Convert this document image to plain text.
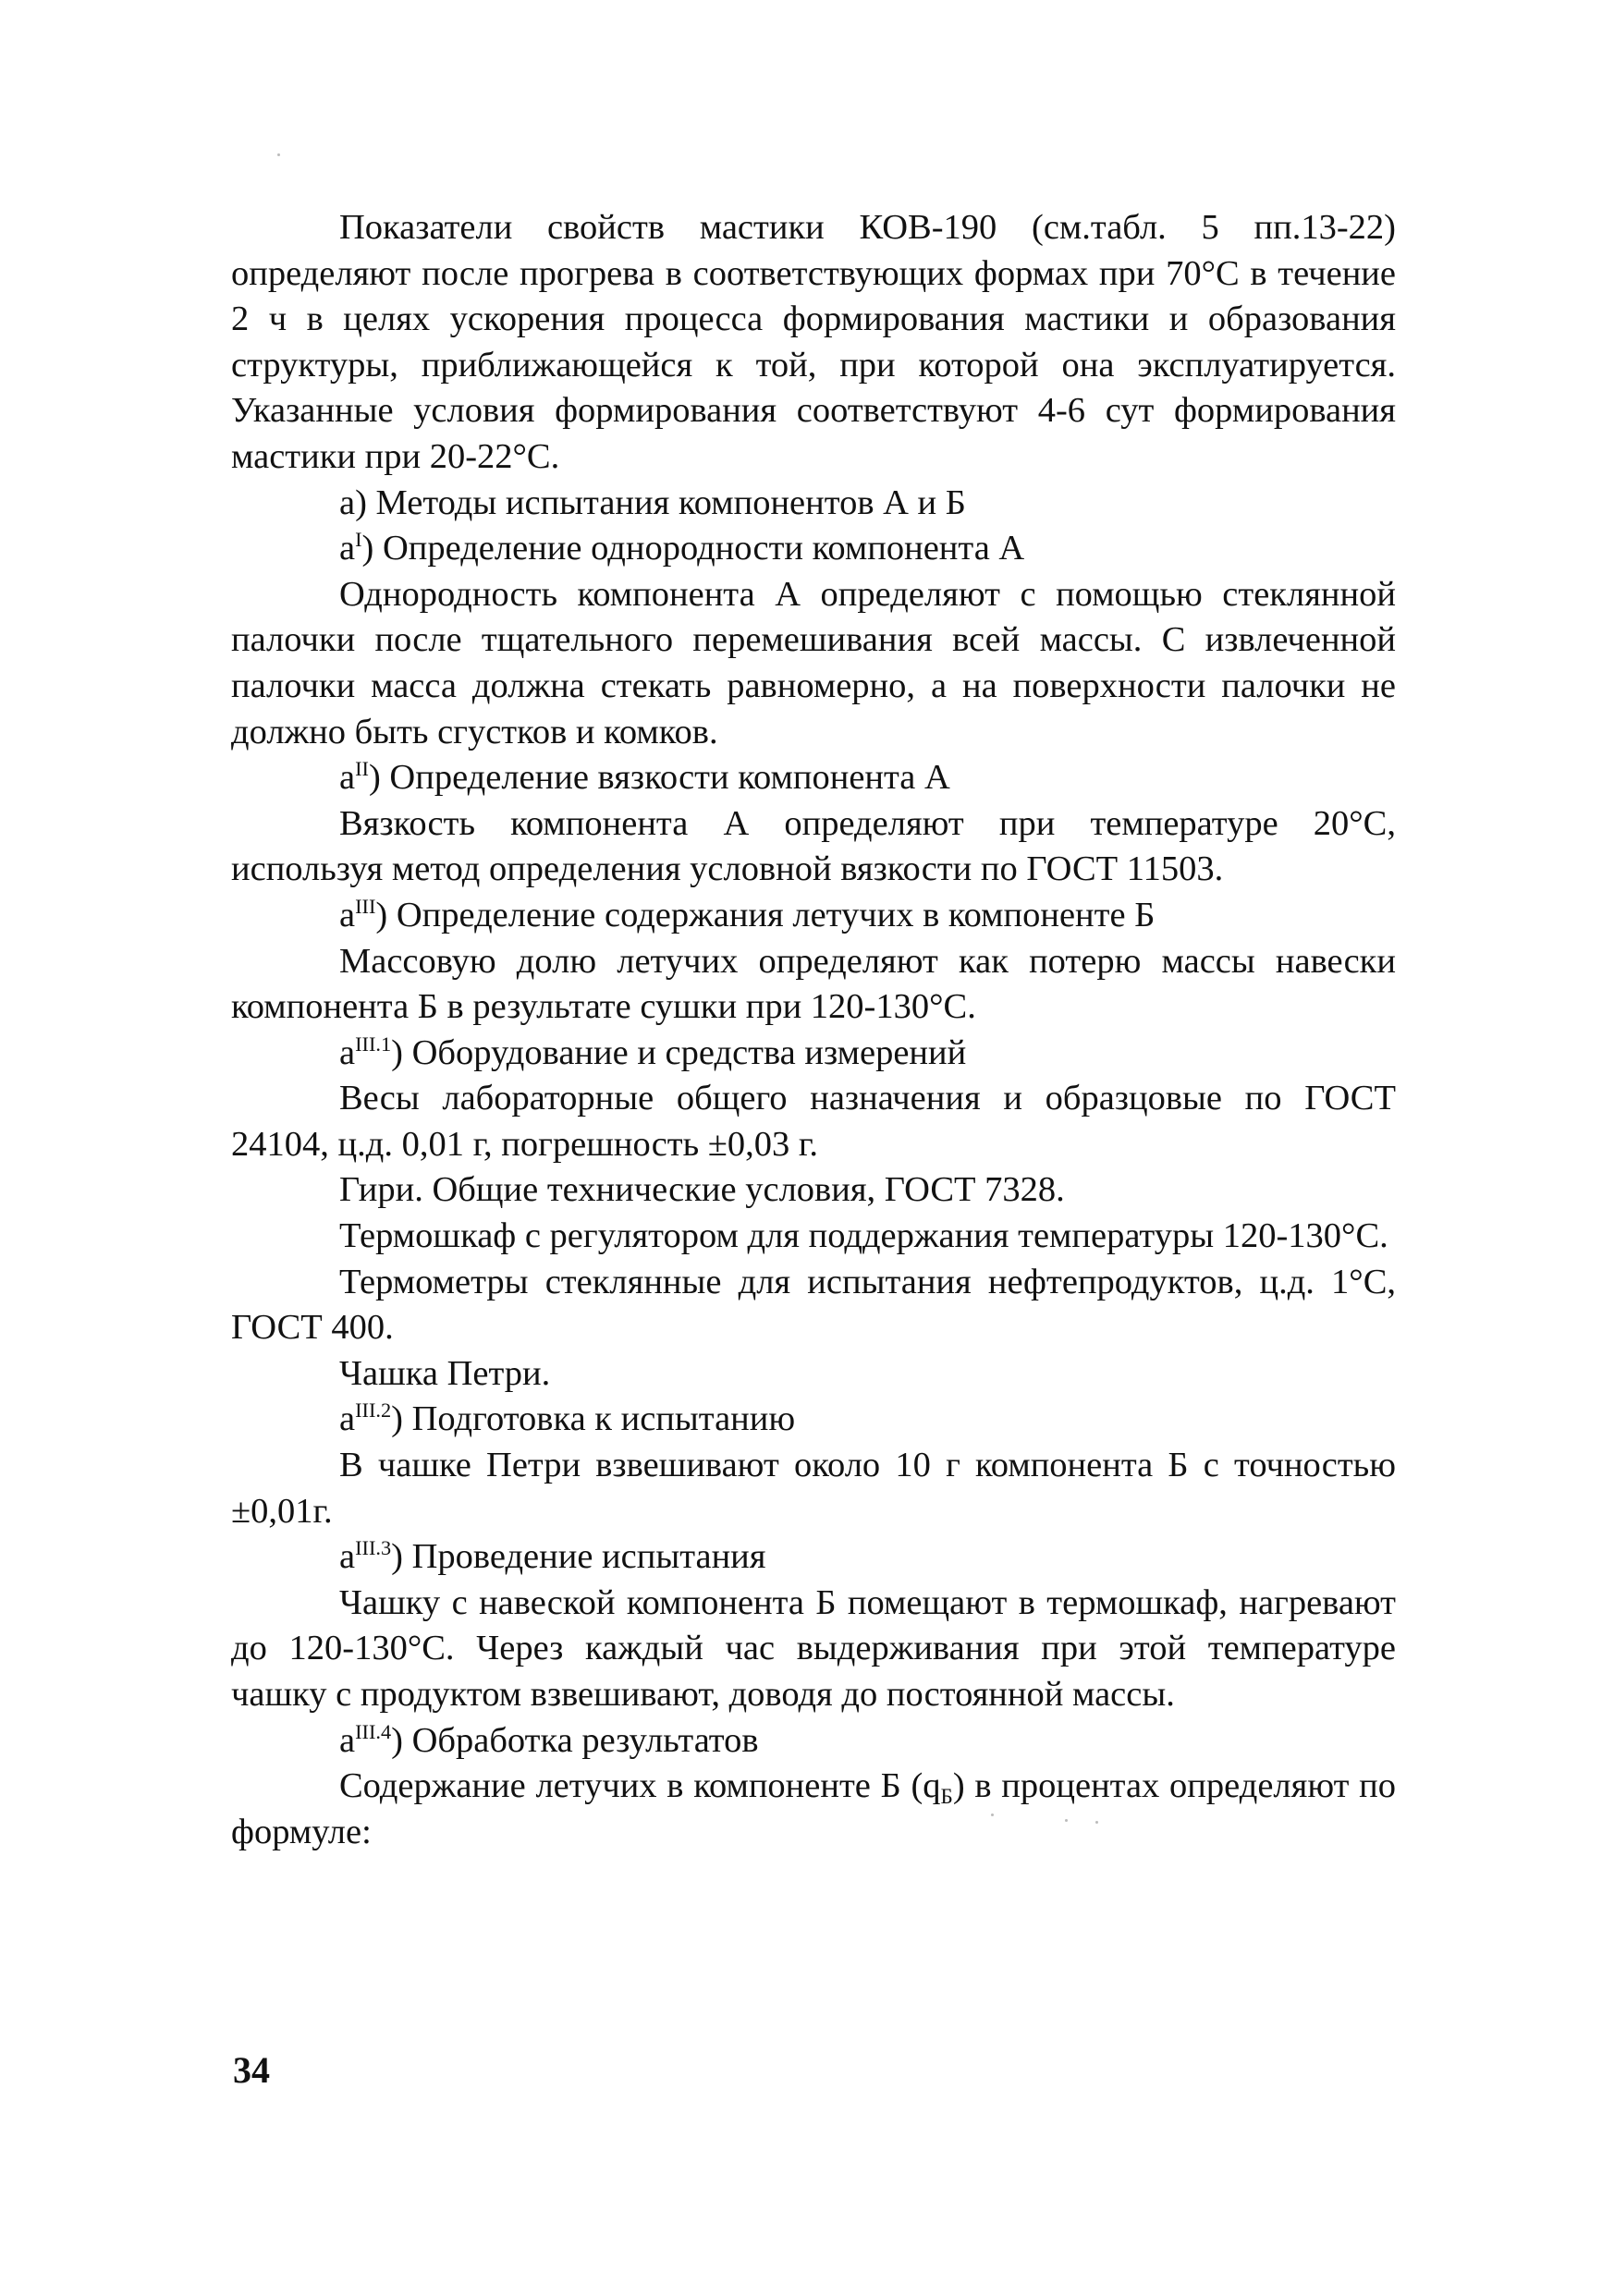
Показатели свойств мастики КОВ-190 (см.табл. 5 пп.13-22) определяют после прогрева в соответствующих формах при 70°С в течение 2 ч в целях ускорения процесса формирования мастики и образования структуры, приближающейся к той, при которой она эксплуатируется. Указанные условия формирования соответствуют 4-6 сут формирования мастики при 20-22°С.

а) Методы испытания компонентов А и Б

$а^I$) Определение однородности компонента А

Однородность компонента А определяют с помощью стеклянной палочки после тщательного перемешивания всей массы. С извлеченной палочки масса должна стекать равномерно, а на поверхности палочки не должно быть сгустков и комков.

$а^{II}$) Определение вязкости компонента А

Вязкость компонента А определяют при температуре 20°С, используя метод определения условной вязкости по ГОСТ 11503.

$а^{III}$) Определение содержания летучих в компоненте Б

Массовую долю летучих определяют как потерю массы навески компонента Б в результате сушки при 120-130°С.

$а^{III.1}$) Оборудование и средства измерений

Весы лабораторные общего назначения и образцовые по ГОСТ 24104, ц.д. 0,01 г, погрешность ±0,03 г.

Гири. Общие технические условия, ГОСТ 7328.

Термошкаф с регулятором для поддержания температуры 120-130°С.

Термометры стеклянные для испытания нефтепродуктов, ц.д. 1°С, ГОСТ 400.

Чашка Петри.

$а^{III.2}$) Подготовка к испытанию

В чашке Петри взвешивают около 10 г компонента Б с точностью ±0,01г.

$а^{III.3}$) Проведение испытания

Чашку с навеской компонента Б помещают в термошкаф, нагревают до 120-130°С. Через каждый час выдерживания при этой температуре чашку с продуктом взвешивают, доводя до постоянной массы.

$а^{III.4}$) Обработка результатов

Содержание летучих в компоненте Б $(q_Б)$ в процентах определяют по формуле:

34
